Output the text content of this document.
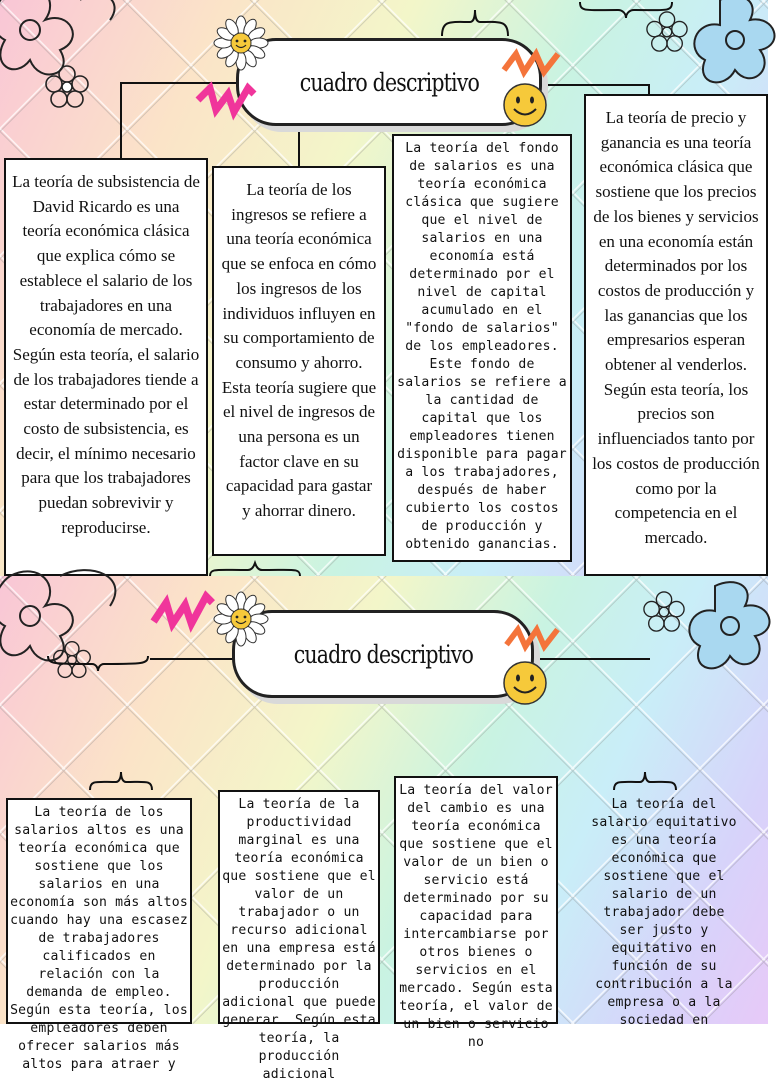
cuadro descriptivo
La teoría de subsistencia de David Ricardo es una teoría económica clásica que explica cómo se establece el salario de los trabajadores en una economía de mercado. Según esta teoría, el salario de los trabajadores tiende a estar determinado por el costo de subsistencia, es decir, el mínimo necesario para que los trabajadores puedan sobrevivir y reproducirse.
La teoría de los ingresos se refiere a una teoría económica que se enfoca en cómo los ingresos de los individuos influyen en su comportamiento de consumo y ahorro. Esta teoría sugiere que el nivel de ingresos de una persona es un factor clave en su capacidad para gastar y ahorrar dinero.
La teoría del fondo de salarios es una teoría económica clásica que sugiere que el nivel de salarios en una economía está determinado por el nivel de capital acumulado en el "fondo de salarios" de los empleadores. Este fondo de salarios se refiere a la cantidad de capital que los empleadores tienen disponible para pagar a los trabajadores, después de haber cubierto los costos de producción y obtenido ganancias.
La teoría de precio y ganancia es una teoría económica clásica que sostiene que los precios de los bienes y servicios en una economía están determinados por los costos de producción y las ganancias que los empresarios esperan obtener al venderlos. Según esta teoría, los precios son influenciados tanto por los costos de producción como por la competencia en el mercado.
cuadro descriptivo
La teoría de los salarios altos es una teoría económica que sostiene que los salarios en una economía son más altos cuando hay una escasez de trabajadores calificados en relación con la demanda de empleo. Según esta teoría, los empleadores deben ofrecer salarios más altos para atraer y
La teoría de la productividad marginal es una teoría económica que sostiene que el valor de un trabajador o un recurso adicional en una empresa está determinado por la producción adicional que puede generar. Según esta teoría, la producción adicional
La teoría del valor del cambio es una teoría económica que sostiene que el valor de un bien o servicio está determinado por su capacidad para intercambiarse por otros bienes o servicios en el mercado. Según esta teoría, el valor de un bien o servicio no
La teoría del salario equitativo es una teoría económica que sostiene que el salario de un trabajador debe ser justo y equitativo en función de su contribución a la empresa o a la sociedad en
